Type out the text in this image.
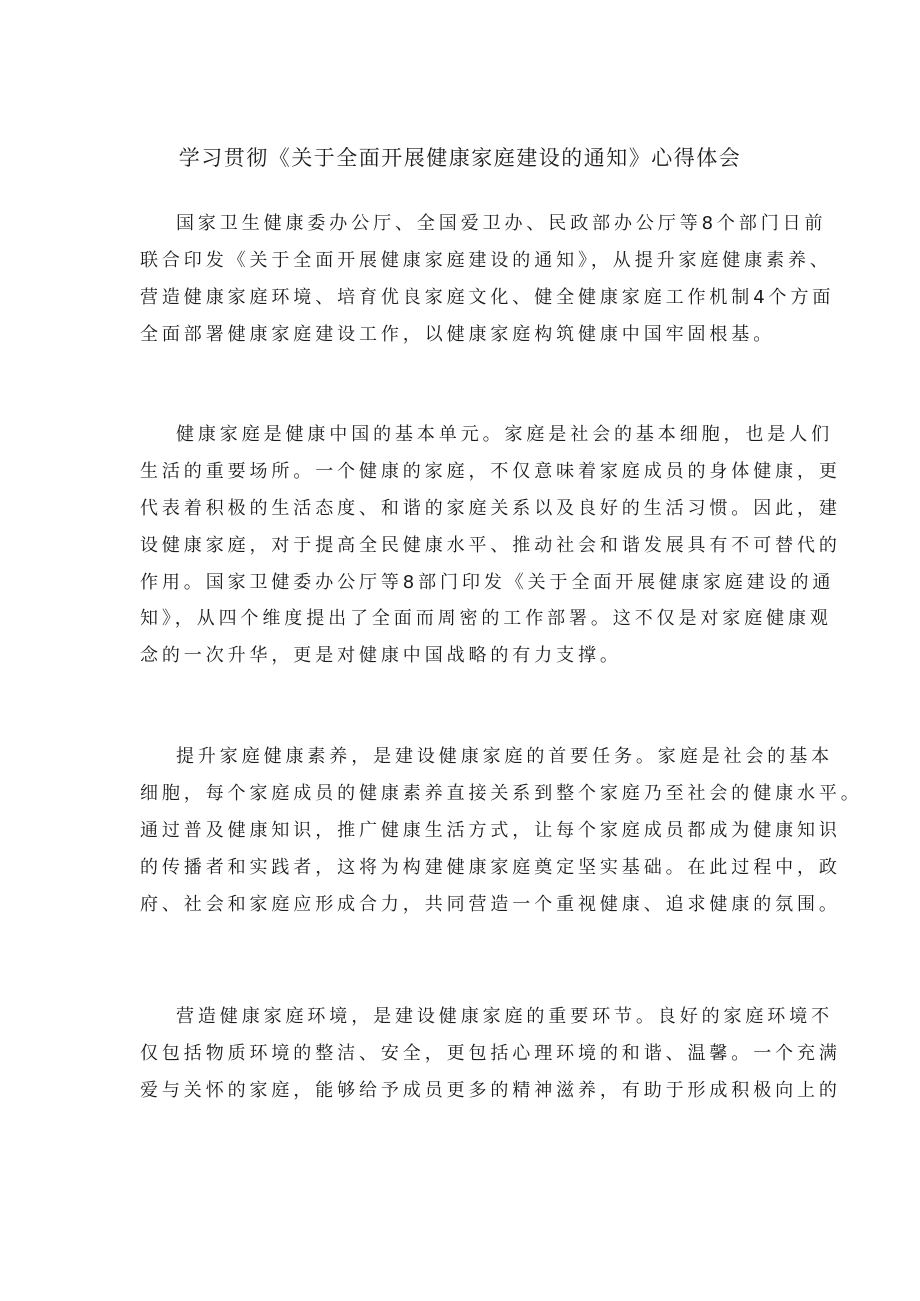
学习贯彻《关于全面开展健康家庭建设的通知》心得体会
国家卫生健康委办公厅、全国爱卫办、民政部办公厅等8个部门日前
联合印发《关于全面开展健康家庭建设的通知》，从提升家庭健康素养、
营造健康家庭环境、培育优良家庭文化、健全健康家庭工作机制4个方面
全面部署健康家庭建设工作，以健康家庭构筑健康中国牢固根基。
健康家庭是健康中国的基本单元。家庭是社会的基本细胞，也是人们
生活的重要场所。一个健康的家庭，不仅意味着家庭成员的身体健康，更
代表着积极的生活态度、和谐的家庭关系以及良好的生活习惯。因此，建
设健康家庭，对于提高全民健康水平、推动社会和谐发展具有不可替代的
作用。国家卫健委办公厅等8部门印发《关于全面开展健康家庭建设的通
知》，从四个维度提出了全面而周密的工作部署。这不仅是对家庭健康观
念的一次升华，更是对健康中国战略的有力支撑。
提升家庭健康素养，是建设健康家庭的首要任务。家庭是社会的基本
细胞，每个家庭成员的健康素养直接关系到整个家庭乃至社会的健康水平。
通过普及健康知识，推广健康生活方式，让每个家庭成员都成为健康知识
的传播者和实践者，这将为构建健康家庭奠定坚实基础。在此过程中，政
府、社会和家庭应形成合力，共同营造一个重视健康、追求健康的氛围。
营造健康家庭环境，是建设健康家庭的重要环节。良好的家庭环境不
仅包括物质环境的整洁、安全，更包括心理环境的和谐、温馨。一个充满
爱与关怀的家庭，能够给予成员更多的精神滋养，有助于形成积极向上的
